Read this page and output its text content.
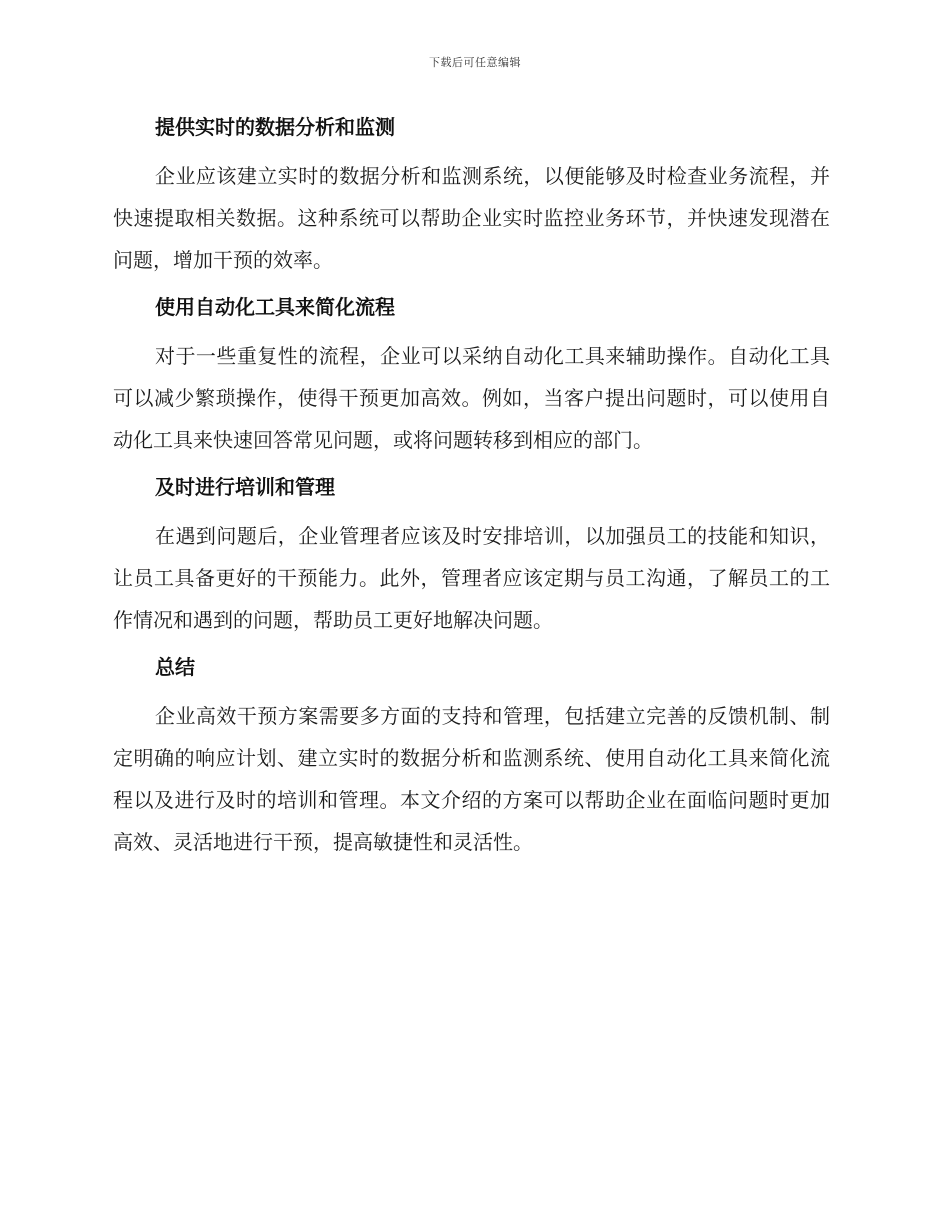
下载后可任意编辑
提供实时的数据分析和监测

企业应该建立实时的数据分析和监测系统，以便能够及时检查业务流程，并快速提取相关数据。这种系统可以帮助企业实时监控业务环节，并快速发现潜在问题，增加干预的效率。

使用自动化工具来简化流程

对于一些重复性的流程，企业可以采纳自动化工具来辅助操作。自动化工具可以减少繁琐操作，使得干预更加高效。例如，当客户提出问题时，可以使用自动化工具来快速回答常见问题，或将问题转移到相应的部门。

及时进行培训和管理

在遇到问题后，企业管理者应该及时安排培训，以加强员工的技能和知识，让员工具备更好的干预能力。此外，管理者应该定期与员工沟通，了解员工的工作情况和遇到的问题，帮助员工更好地解决问题。

总结

企业高效干预方案需要多方面的支持和管理，包括建立完善的反馈机制、制定明确的响应计划、建立实时的数据分析和监测系统、使用自动化工具来简化流程以及进行及时的培训和管理。本文介绍的方案可以帮助企业在面临问题时更加高效、灵活地进行干预，提高敏捷性和灵活性。
